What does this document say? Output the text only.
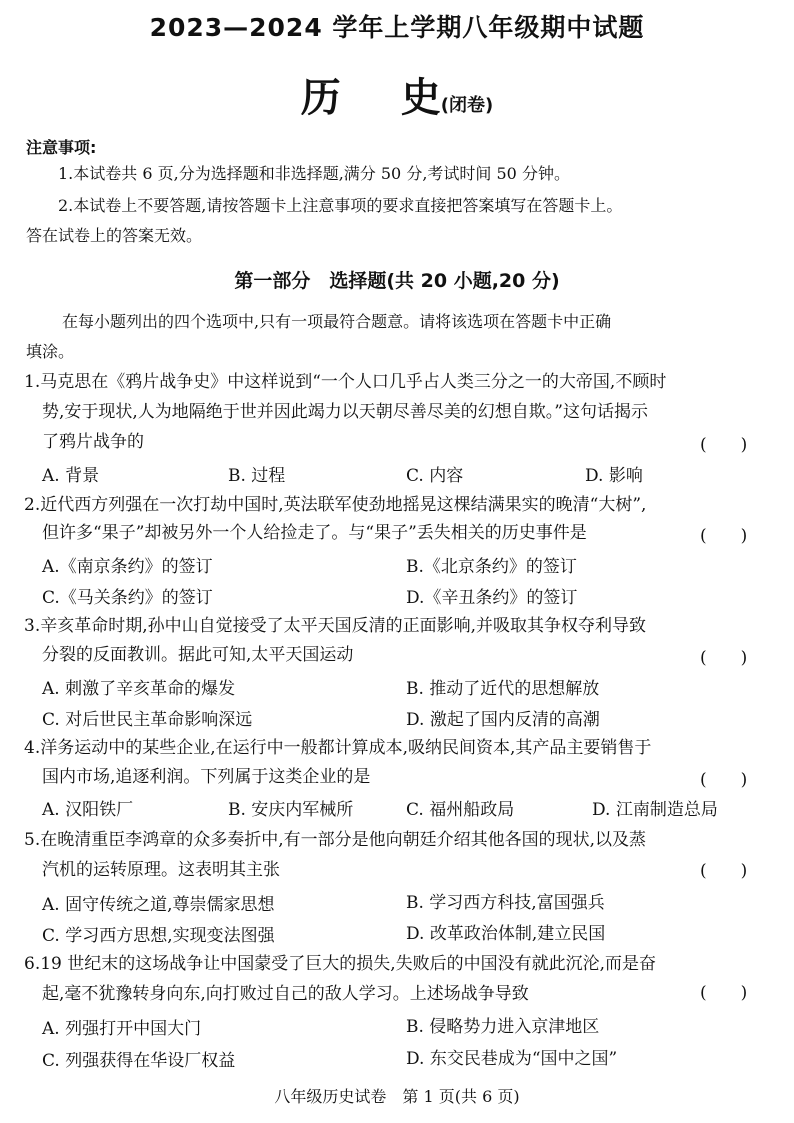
2023—2024 学年上学期八年级期中试题
历 史(闭卷)
注意事项:
1.本试卷共 6 页,分为选择题和非选择题,满分 50 分,考试时间 50 分钟。
2.本试卷上不要答题,请按答题卡上注意事项的要求直接把答案填写在答题卡上。
答在试卷上的答案无效。
第一部分　选择题(共 20 小题,20 分)
在每小题列出的四个选项中,只有一项最符合题意。请将该选项在答题卡中正确
填涂。
1.马克思在《鸦片战争史》中这样说到“一个人口几乎占人类三分之一的大帝国,不顾时
势,安于现状,人为地隔绝于世并因此竭力以天朝尽善尽美的幻想自欺。”这句话揭示
了鸦片战争的	(　　)
A. 背景	B. 过程	C. 内容	D. 影响
2.近代西方列强在一次打劫中国时,英法联军使劲地摇晃这棵结满果实的晚清“大树”,
但许多“果子”却被另外一个人给捡走了。与“果子”丢失相关的历史事件是	(　　)
A.《南京条约》的签订	B.《北京条约》的签订
C.《马关条约》的签订	D.《辛丑条约》的签订
3.辛亥革命时期,孙中山自觉接受了太平天国反清的正面影响,并吸取其争权夺利导致
分裂的反面教训。据此可知,太平天国运动	(　　)
A. 刺激了辛亥革命的爆发	B. 推动了近代的思想解放
C. 对后世民主革命影响深远	D. 激起了国内反清的高潮
4.洋务运动中的某些企业,在运行中一般都计算成本,吸纳民间资本,其产品主要销售于
国内市场,追逐利润。下列属于这类企业的是	(　　)
A. 汉阳铁厂	B. 安庆内军械所	C. 福州船政局	D. 江南制造总局
5.在晚清重臣李鸿章的众多奏折中,有一部分是他向朝廷介绍其他各国的现状,以及蒸
汽机的运转原理。这表明其主张	(　　)
A. 固守传统之道,尊崇儒家思想	B. 学习西方科技,富国强兵
C. 学习西方思想,实现变法图强	D. 改革政治体制,建立民国
6.19 世纪末的这场战争让中国蒙受了巨大的损失,失败后的中国没有就此沉沦,而是奋
起,毫不犹豫转身向东,向打败过自己的敌人学习。上述场战争导致	(　　)
A. 列强打开中国大门	B. 侵略势力进入京津地区
C. 列强获得在华设厂权益	D. 东交民巷成为“国中之国”
八年级历史试卷　第 1 页(共 6 页)
